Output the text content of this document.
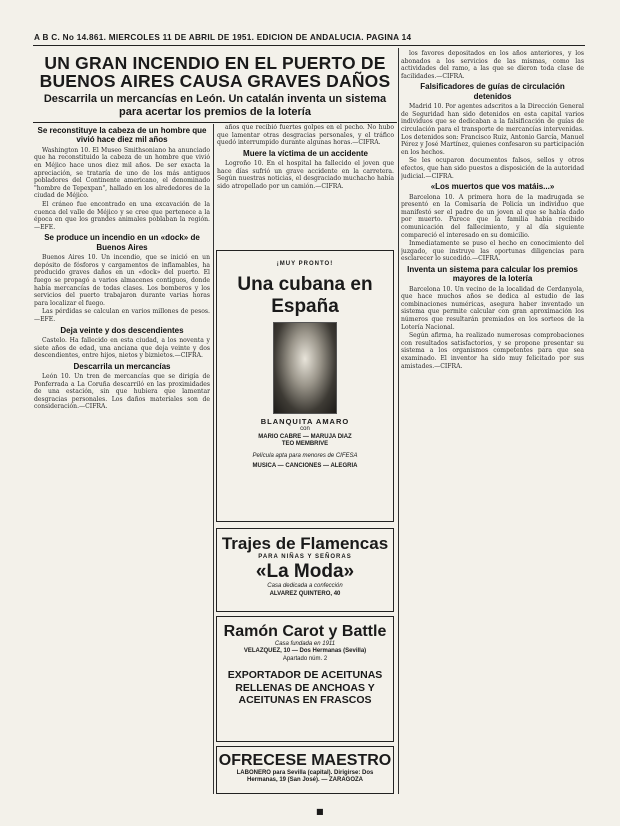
A B C. No 14.861. MIERCOLES 11 DE ABRIL DE 1951. EDICION DE ANDALUCIA. PAGINA 14
UN GRAN INCENDIO EN EL PUERTO DE BUENOS AIRES CAUSA GRAVES DAÑOS
Descarrila un mercancías en León. Un catalán inventa un sistema para acertar los premios de la lotería
Se reconstituye la cabeza de un hombre que vivió hace diez mil años

Washington 10. El Museo Smithsoniano ha anunciado que ha reconstituido la cabeza de un hombre que vivió en Méjico hace unos diez mil años. De ser exacta la apreciación, se trataría de uno de los más antiguos pobladores del Continente americano, el denominado "hombre de Tepexpan", hallado en los alrededores de la ciudad de Méjico.

El cráneo fue encontrado en una excavación de la cuenca del valle de Méjico y se cree que pertenece a la época en que los grandes animales poblaban la región.—EFE.

Se produce un incendio en un «dock» de Buenos Aires

Buenos Aires 10. Un incendio, que se inició en un depósito de fósforos y cargamentos de inflamables, ha producido graves daños en un «dock» del puerto. El fuego se propagó a varios almacenes contiguos, donde había mercancías de todas clases. Los bomberos y los servicios del puerto trabajaron durante varias horas para localizar el fuego.

Las pérdidas se calculan en varios millones de pesos.—EFE.

Deja veinte y dos descendientes

Castelo. Ha fallecido en esta ciudad, a los noventa y siete años de edad, una anciana que deja veinte y dos descendientes, entre hijos, nietos y biznietos.—CIFRA.

Descarrila un mercancías

León 10. Un tren de mercancías que se dirigía de Ponferrada a La Coruña descarriló en las proximidades de una estación, sin que hubiera que lamentar desgracias personales. Los daños materiales son de consideración.—CIFRA.

años que recibió fuertes golpes en el pecho. No hubo que lamentar otras desgracias personales, y el tráfico quedó interrumpido durante algunas horas.—CIFRA.

Muere la víctima de un accidente

Logroño 10. En el hospital ha fallecido el joven que hace días sufrió un grave accidente en la carretera. Según nuestras noticias, el desgraciado muchacho había sido atropellado por un camión.—CIFRA.

¡MUY PRONTO!
Una cubana en España
BLANQUITA AMARO
con
MARIO CABRE — MARUJA DIAZ
TEO MEMBRIVE
Película apta para menores de CIFESA
MUSICA — CANCIONES — ALEGRIA
Trajes de Flamencas
PARA NIÑAS Y SEÑORAS
«La Moda»
Casa dedicada a confección
ALVAREZ QUINTERO, 40
Ramón Carot y Battle
Casa fundada en 1911
VELAZQUEZ, 10 — Dos Hermanas (Sevilla)
Apartado núm. 2
EXPORTADOR DE ACEITUNAS
RELLENAS DE ANCHOAS Y
ACEITUNAS EN FRASCOS
OFRECESE MAESTRO
LABONERO para Sevilla (capital). Dirigirse: Dos Hermanas, 19 (San José). — ZARAGOZA

los favores depositados en los años anteriores, y los abonados a los servicios de las mismas, como las actividades del ramo, a las que se dieron toda clase de facilidades.—CIFRA.

Falsificadores de guías de circulación detenidos

Madrid 10. Por agentes adscritos a la Dirección General de Seguridad han sido detenidos en esta capital varios individuos que se dedicaban a la falsificación de guías de circulación para el transporte de mercancías intervenidas. Los detenidos son: Francisco Ruiz, Antonio García, Manuel Pérez y José Martínez, quienes confesaron su participación en los hechos.

Se les ocuparon documentos falsos, sellos y otros efectos, que han sido puestos a disposición de la autoridad judicial.—CIFRA.

«Los muertos que vos matáis...»

Barcelona 10. A primera hora de la madrugada se presentó en la Comisaría de Policía un individuo que manifestó ser el padre de un joven al que se había dado por muerto. Parece que la familia había recibido comunicación del fallecimiento, y al día siguiente compareció el interesado en su domicilio.

Inmediatamente se puso el hecho en conocimiento del juzgado, que instruye las oportunas diligencias para esclarecer lo sucedido.—CIFRA.

Inventa un sistema para calcular los premios mayores de la lotería

Barcelona 10. Un vecino de la localidad de Cerdanyola, que hace muchos años se dedica al estudio de las combinaciones numéricas, asegura haber inventado un sistema que permite calcular con gran aproximación los números que resultarán premiados en los sorteos de la Lotería Nacional.

Según afirma, ha realizado numerosas comprobaciones con resultados satisfactorios, y se propone presentar su sistema a los organismos competentes para que sea examinado. El inventor ha sido muy felicitado por sus amistades.—CIFRA.

■
